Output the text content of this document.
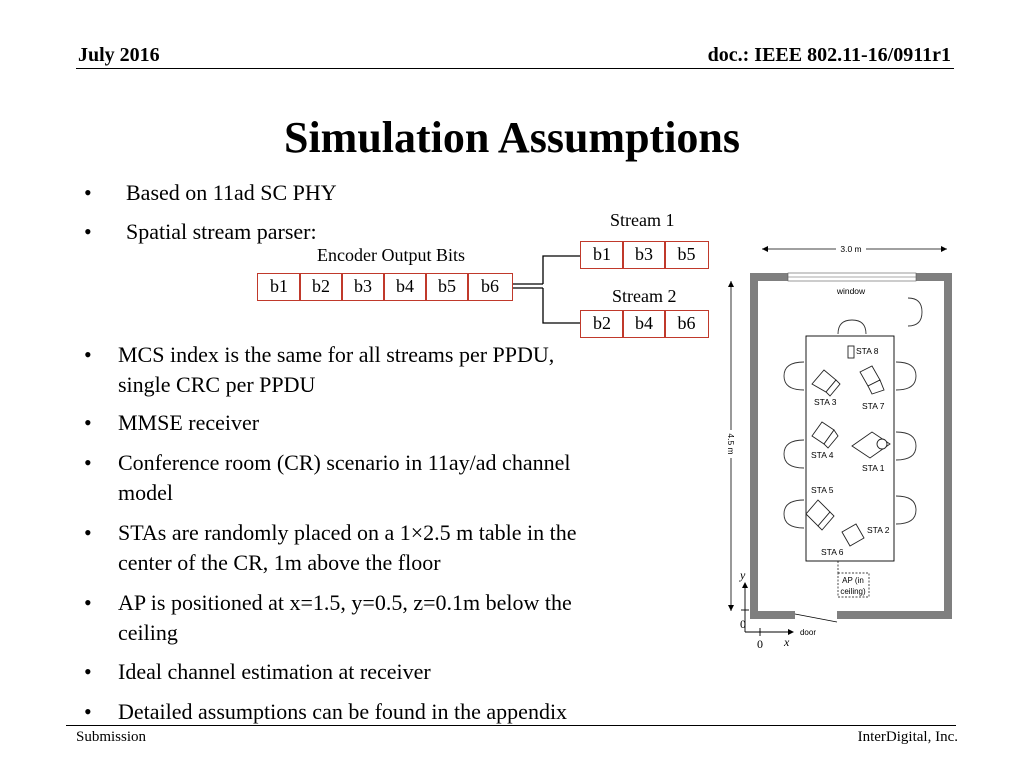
July 2016	doc.: IEEE 802.11-16/0911r1
Simulation Assumptions
• Based on 11ad SC PHY
• Spatial stream parser:
Encoder Output Bits
b1	b2	b3	b4	b5	b6
Stream 1
b1	b3	b5
Stream 2
b2	b4	b6
• MCS index is the same for all streams per PPDU,
single CRC per PPDU
• MMSE receiver
• Conference room (CR) scenario in 11ay/ad channel
model
• STAs are randomly placed on a 1×2.5 m table in the
center of the CR, 1m above the floor
• AP is positioned at x=1.5, y=0.5, z=0.1m below the
ceiling
• Ideal channel estimation at receiver
• Detailed assumptions can be found in the appendix
3.0 m
window
door
4.5 m
STA 8
STA 3	STA 7
STA 4
STA 1
STA 5
STA 2
STA 6
AP (in
ceiling)
y
x
0
0
Submission	InterDigital, Inc.
